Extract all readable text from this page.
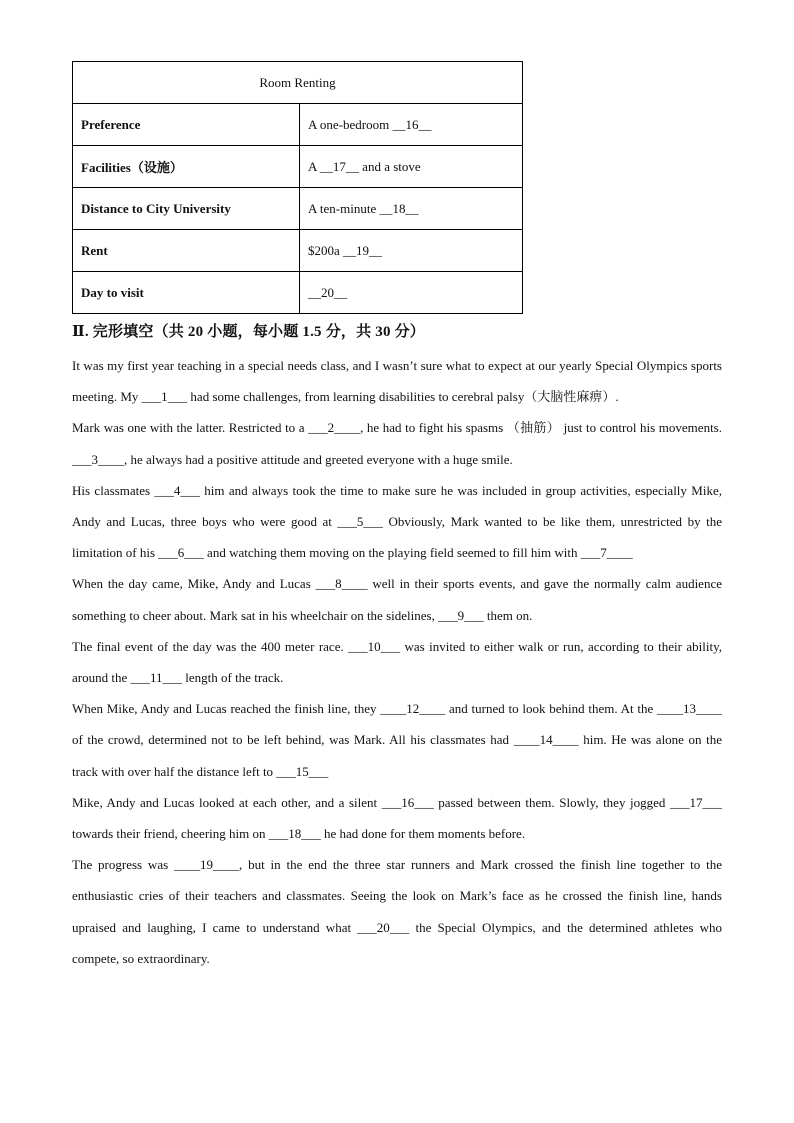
Room Renting	
Preference	A one-bedroom __16__
Facilities（设施）	A __17__ and a stove
Distance to City University	A ten-minute __18__
Rent	$200a __19__
Day to visit	__20__
Ⅱ. 完形填空（共 20 小题，每小题 1.5 分，共 30 分）

It was my first year teaching in a special needs class, and I wasn’t sure what to expect at our yearly Special Olympics sports meeting. My ___1___ had some challenges, from learning disabilities to cerebral palsy（大脑性麻痹）.

Mark was one with the latter. Restricted to a ___2____, he had to fight his spasms （抽筋） just to control his movements. ___3____, he always had a positive attitude and greeted everyone with a huge smile.

His classmates ___4___ him and always took the time to make sure he was included in group activities, especially Mike, Andy and Lucas, three boys who were good at ___5___ Obviously, Mark wanted to be like them, unrestricted by the limitation of his ___6___ and watching them moving on the playing field seemed to fill him with ___7____

When the day came, Mike, Andy and Lucas ___8____ well in their sports events, and gave the normally calm audience something to cheer about. Mark sat in his wheelchair on the sidelines, ___9___ them on.

The final event of the day was the 400 meter race. ___10___ was invited to either walk or run, according to their ability, around the ___11___ length of the track.

When Mike, Andy and Lucas reached the finish line, they ____12____ and turned to look behind them. At the ____13____ of the crowd, determined not to be left behind, was Mark. All his classmates had ____14____ him. He was alone on the track with over half the distance left to ___15___

Mike, Andy and Lucas looked at each other, and a silent ___16___ passed between them. Slowly, they jogged ___17___ towards their friend, cheering him on ___18___ he had done for them moments before.

The progress was ____19____, but in the end the three star runners and Mark crossed the finish line together to the enthusiastic cries of their teachers and classmates. Seeing the look on Mark’s face as he crossed the finish line, hands upraised and laughing, I came to understand what ___20___ the Special Olympics, and the determined athletes who compete, so extraordinary.
